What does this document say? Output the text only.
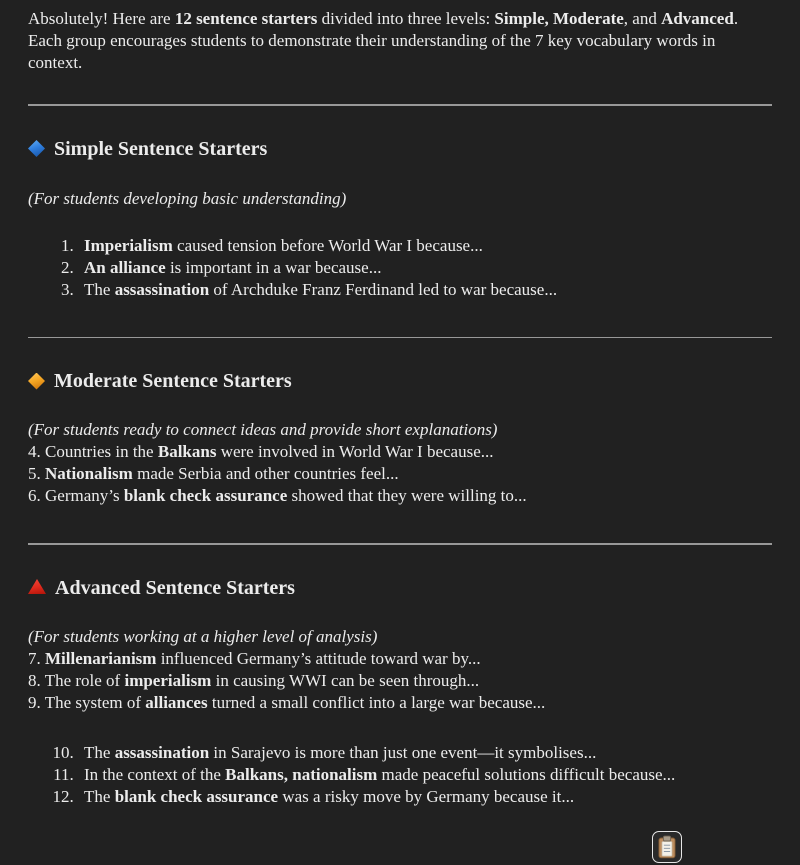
Absolutely! Here are 12 sentence starters divided into three levels: Simple, Moderate, and Advanced. Each group encourages students to demonstrate their understanding of the 7 key vocabulary words in context.

Simple Sentence Starters

(For students developing basic understanding)

1. Imperialism caused tension before World War I because...
2. An alliance is important in a war because...
3. The assassination of Archduke Franz Ferdinand led to war because...
Moderate Sentence Starters

(For students ready to connect ideas and provide short explanations)
4. Countries in the Balkans were involved in World War I because...
5. Nationalism made Serbia and other countries feel...
6. Germany’s blank check assurance showed that they were willing to...

Advanced Sentence Starters

(For students working at a higher level of analysis)
7. Millenarianism influenced Germany’s attitude toward war by...
8. The role of imperialism in causing WWI can be seen through...
9. The system of alliances turned a small conflict into a large war because...

10. The assassination in Sarajevo is more than just one event—it symbolises...
11. In the context of the Balkans, nationalism made peaceful solutions difficult because...
12. The blank check assurance was a risky move by Germany because it...
